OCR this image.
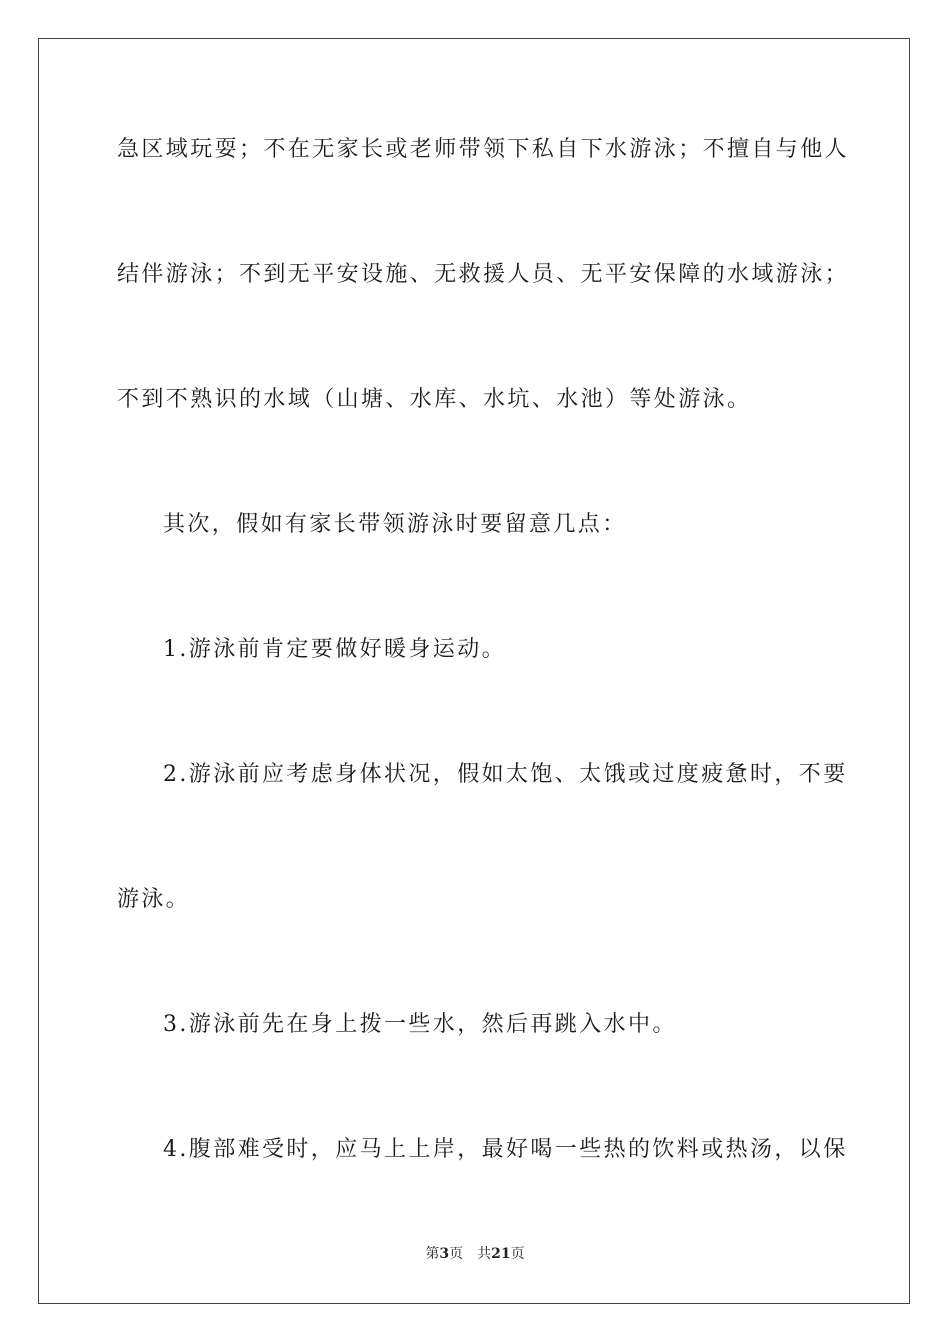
急区域玩耍；不在无家长或老师带领下私自下水游泳；不擅自与他人
结伴游泳；不到无平安设施、无救援人员、无平安保障的水域游泳；
不到不熟识的水域（山塘、水库、水坑、水池）等处游泳。
其次，假如有家长带领游泳时要留意几点：
1.游泳前肯定要做好暖身运动。
2.游泳前应考虑身体状况，假如太饱、太饿或过度疲惫时，不要
游泳。
3.游泳前先在身上拨一些水，然后再跳入水中。
4.腹部难受时，应马上上岸，最好喝一些热的饮料或热汤，以保
第3页 共21页
